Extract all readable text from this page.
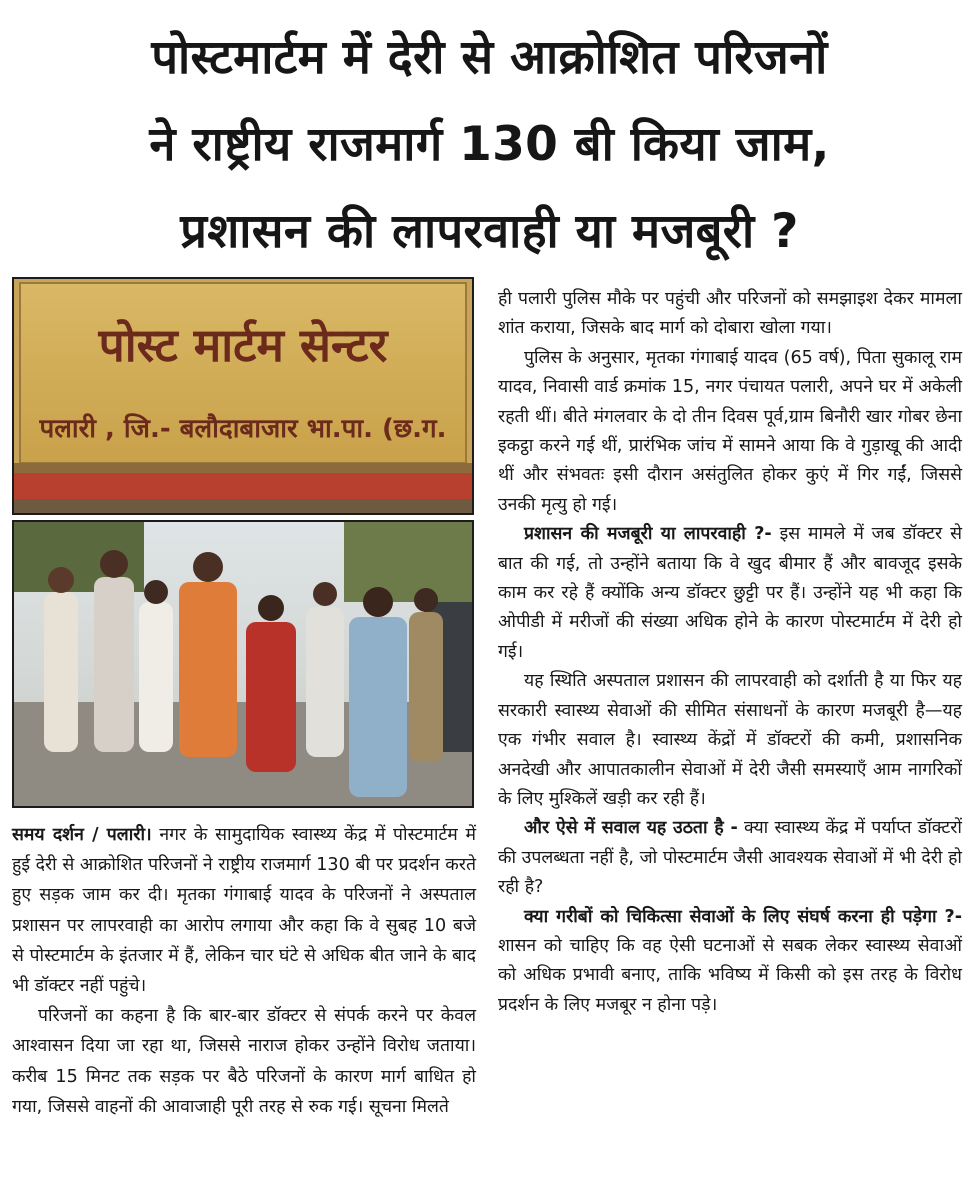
पोस्टमार्टम में देरी से आक्रोशित परिजनों
ने राष्ट्रीय राजमार्ग 130 बी किया जाम,
प्रशासन की लापरवाही या मजबूरी ?
पोस्ट मार्टम सेन्टर
पलारी , जि.- बलौदाबाजार भा.पा. (छ.ग.

समय दर्शन / पलारी। नगर के सामुदायिक स्वास्थ्य केंद्र में पोस्टमार्टम में हुई देरी से आक्रोशित परिजनों ने राष्ट्रीय राजमार्ग 130 बी पर प्रदर्शन करते हुए सड़क जाम कर दी। मृतका गंगाबाई यादव के परिजनों ने अस्पताल प्रशासन पर लापरवाही का आरोप लगाया और कहा कि वे सुबह 10 बजे से पोस्टमार्टम के इंतजार में हैं, लेकिन चार घंटे से अधिक बीत जाने के बाद भी डॉक्टर नहीं पहुंचे।

परिजनों का कहना है कि बार-बार डॉक्टर से संपर्क करने पर केवल आश्वासन दिया जा रहा था, जिससे नाराज होकर उन्होंने विरोध जताया। करीब 15 मिनट तक सड़क पर बैठे परिजनों के कारण मार्ग बाधित हो गया, जिससे वाहनों की आवाजाही पूरी तरह से रुक गई। सूचना मिलते

ही पलारी पुलिस मौके पर पहुंची और परिजनों को समझाइश देकर मामला शांत कराया, जिसके बाद मार्ग को दोबारा खोला गया।

पुलिस के अनुसार, मृतका गंगाबाई यादव (65 वर्ष), पिता सुकालू राम यादव, निवासी वार्ड क्रमांक 15, नगर पंचायत पलारी, अपने घर में अकेली रहती थीं। बीते मंगलवार के दो तीन दिवस पूर्व,ग्राम बिनौरी खार गोबर छेना इकट्ठा करने गई थीं, प्रारंभिक जांच में सामने आया कि वे गुड़ाखू की आदी थीं और संभवतः इसी दौरान असंतुलित होकर कुएं में गिर गईं, जिससे उनकी मृत्यु हो गई।

प्रशासन की मजबूरी या लापरवाही ?- इस मामले में जब डॉक्टर से बात की गई, तो उन्होंने बताया कि वे खुद बीमार हैं और बावजूद इसके काम कर रहे हैं क्योंकि अन्य डॉक्टर छुट्टी पर हैं। उन्होंने यह भी कहा कि ओपीडी में मरीजों की संख्या अधिक होने के कारण पोस्टमार्टम में देरी हो गई।

यह स्थिति अस्पताल प्रशासन की लापरवाही को दर्शाती है या फिर यह सरकारी स्वास्थ्य सेवाओं की सीमित संसाधनों के कारण मजबूरी है—यह एक गंभीर सवाल है। स्वास्थ्य केंद्रों में डॉक्टरों की कमी, प्रशासनिक अनदेखी और आपातकालीन सेवाओं में देरी जैसी समस्याएँ आम नागरिकों के लिए मुश्किलें खड़ी कर रही हैं।

और ऐसे में सवाल यह उठता है - क्या स्वास्थ्य केंद्र में पर्याप्त डॉक्टरों की उपलब्धता नहीं है, जो पोस्टमार्टम जैसी आवश्यक सेवाओं में भी देरी हो रही है?

क्या गरीबों को चिकित्सा सेवाओं के लिए संघर्ष करना ही पड़ेगा ?- शासन को चाहिए कि वह ऐसी घटनाओं से सबक लेकर स्वास्थ्य सेवाओं को अधिक प्रभावी बनाए, ताकि भविष्य में किसी को इस तरह के विरोध प्रदर्शन के लिए मजबूर न होना पड़े।
